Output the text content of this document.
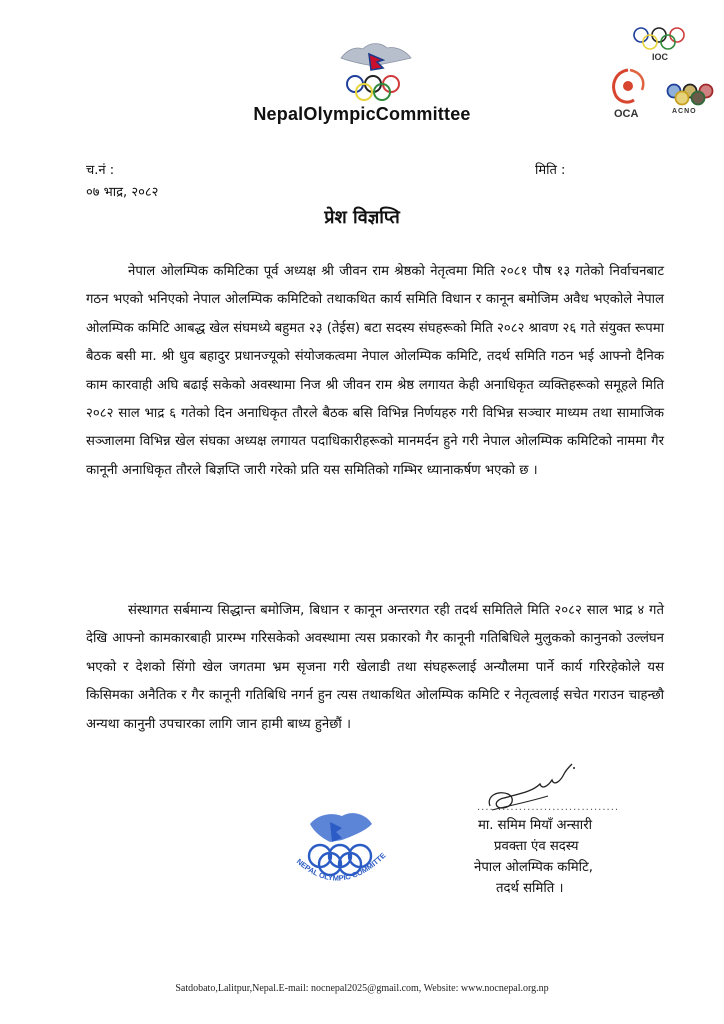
NepalOlympicCommittee
IOC
OCA	ACNO
च.नं :	मिति :
०७ भाद्र, २०८२
प्रेश विज्ञप्ति

नेपाल ओलम्पिक कमिटिका पूर्व अध्यक्ष श्री जीवन राम श्रेष्ठको नेतृत्वमा मिति २०८१ पौष १३ गतेको निर्वाचनबाट गठन भएको भनिएको नेपाल ओलम्पिक कमिटिको तथाकथित कार्य समिति विधान र कानून बमोजिम अवैध भएकोले नेपाल ओलम्पिक कमिटि आबद्ध खेल संघमध्ये बहुमत २३ (तेईस) बटा सदस्य संघहरूको मिति २०८२ श्रावण २६ गते संयुक्त रूपमा बैठक बसी मा. श्री धुव बहादुर प्रधानज्यूको संयोजकत्वमा नेपाल ओलम्पिक कमिटि, तदर्थ समिति गठन भई आफ्नो दैनिक काम कारवाही अघि बढाई सकेको अवस्थामा निज श्री जीवन राम श्रेष्ठ लगायत केही अनाधिकृत व्यक्तिहरूको समूहले मिति २०८२ साल भाद्र ६ गतेको दिन अनाधिकृत तौरले बैठक बसि विभिन्न निर्णयहरु गरी विभिन्न सञ्चार माध्यम तथा सामाजिक सञ्जालमा विभिन्न खेल संघका अध्यक्ष लगायत पदाधिकारीहरूको मानमर्दन हुने गरी नेपाल ओलम्पिक कमिटिको नाममा गैर कानूनी अनाधिकृत तौरले बिज्ञप्ति जारी गरेको प्रति यस समितिको गम्भिर ध्यानाकर्षण भएको छ ।

संस्थागत सर्बमान्य सिद्धान्त बमोजिम, बिधान र कानून अन्तरगत रही तदर्थ समितिले मिति २०८२ साल भाद्र ४ गते देखि आफ्नो कामकारबाही प्रारम्भ गरिसकेको अवस्थामा त्यस प्रकारको गैर कानूनी गतिबिधिले मुलुकको कानुनको उल्लंघन भएको र देशको सिंगो खेल जगतमा भ्रम सृजना गरी खेलाडी तथा संघहरूलाई अन्यौलमा पार्ने कार्य गरिरहेकोले यस किसिमका अनैतिक र गैर कानूनी गतिबिधि नगर्न हुन त्यस तथाकथित ओलम्पिक कमिटि र नेतृत्वलाई सचेत गराउन चाहन्छौ अन्यथा कानुनी उपचारका लागि जान हामी बाध्य हुनेछौं ।

..................................
मा. समिम मियाँ अन्सारी
प्रवक्ता एंव सदस्य
नेपाल ओलम्पिक कमिटि,
तदर्थ समिति ।
NEPAL OLYMPIC COMMITTE
Satdobato,Lalitpur,Nepal.E-mail: nocnepal2025@gmail.com, Website: www.nocnepal.org.np
